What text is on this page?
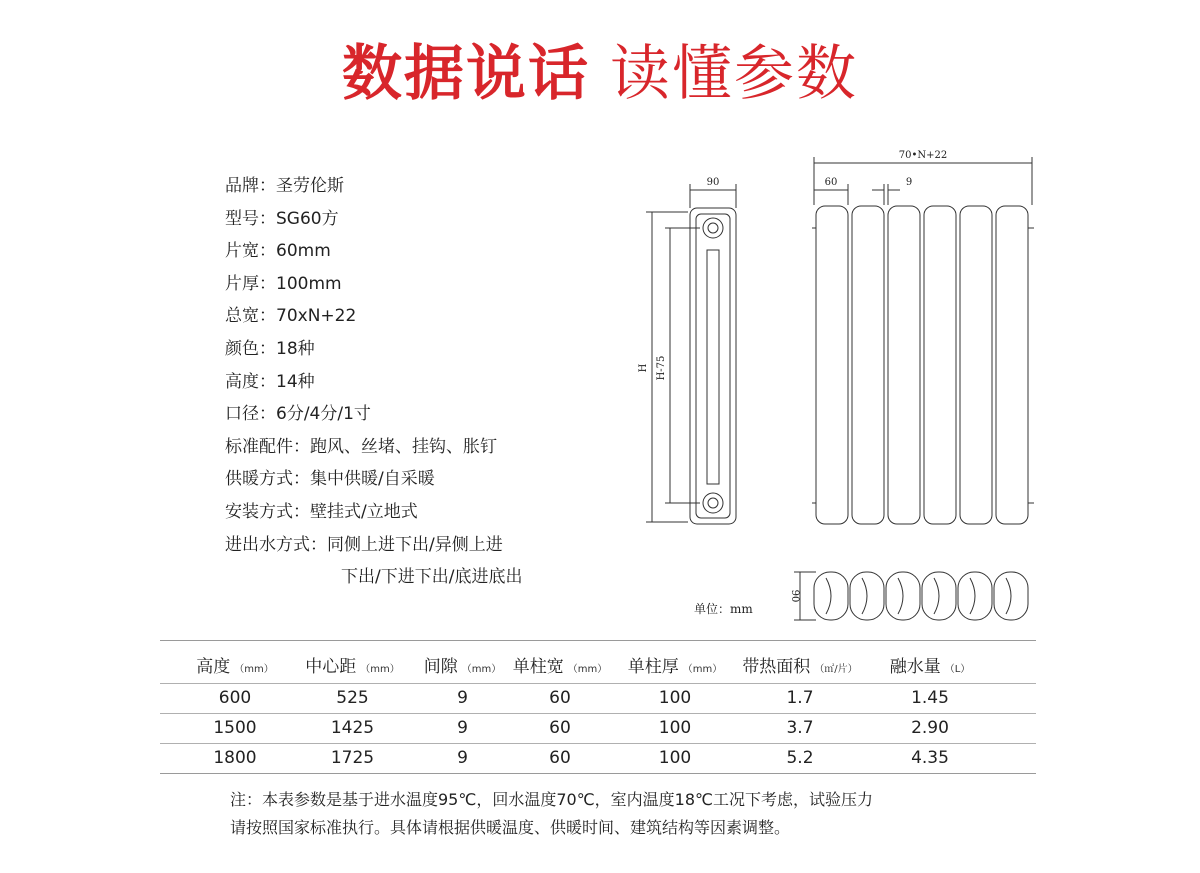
数据说话 读懂参数
品牌：圣劳伦斯
型号：SG60方
片宽：60mm
片厚：100mm
总宽：70xN+22
颜色：18种
高度：14种
口径：6分/4分/1寸
标准配件：跑风、丝堵、挂钩、胀钉
供暖方式：集中供暖/自采暖
安装方式：壁挂式/立地式
进出水方式：同侧上进下出/异侧上进
下出/下进下出/底进底出
90
H H-75
70•N+22
60	9
90
单位：mm
高度 （mm）	中心距 （mm）	间隙 （mm） 单柱宽 （mm）	单柱厚 （mm）	带热面积 （㎡/片）	融水量 （L）
600	525	9	60	100	1.7	1.45
1500	1425	9	60	100	3.7	2.90
1800	1725	9	60	100	5.2	4.35
注：本表参数是基于进水温度95℃，回水温度70℃，室内温度18℃工况下考虑，试验压力
请按照国家标准执行。具体请根据供暖温度、供暖时间、建筑结构等因素调整。
